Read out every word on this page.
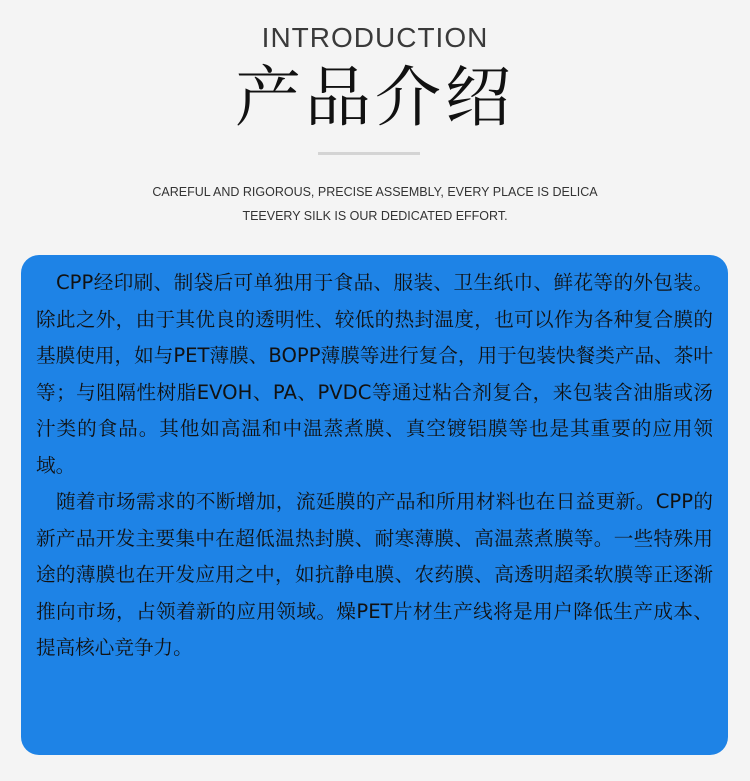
INTRODUCTION
产品介绍
CAREFUL AND RIGOROUS, PRECISE ASSEMBLY, EVERY PLACE IS DELICA
TEEVERY SILK IS OUR DEDICATED EFFORT.

　CPP经印刷、制袋后可单独用于食品、服装、卫生纸巾、鲜花等的外包装。除此之外，由于其优良的透明性、较低的热封温度，也可以作为各种复合膜的基膜使用，如与PET薄膜、BOPP薄膜等进行复合，用于包装快餐类产品、茶叶等；与阻隔性树脂EVOH、PA、PVDC等通过粘合剂复合，来包装含油脂或汤汁类的食品。其他如高温和中温蒸煮膜、真空镀铝膜等也是其重要的应用领域。

　随着市场需求的不断增加，流延膜的产品和所用材料也在日益更新。CPP的新产品开发主要集中在超低温热封膜、耐寒薄膜、高温蒸煮膜等。一些特殊用途的薄膜也在开发应用之中，如抗静电膜、农药膜、高透明超柔软膜等正逐渐推向市场，占领着新的应用领域。燥PET片材生产线将是用户降低生产成本、提高核心竞争力。
